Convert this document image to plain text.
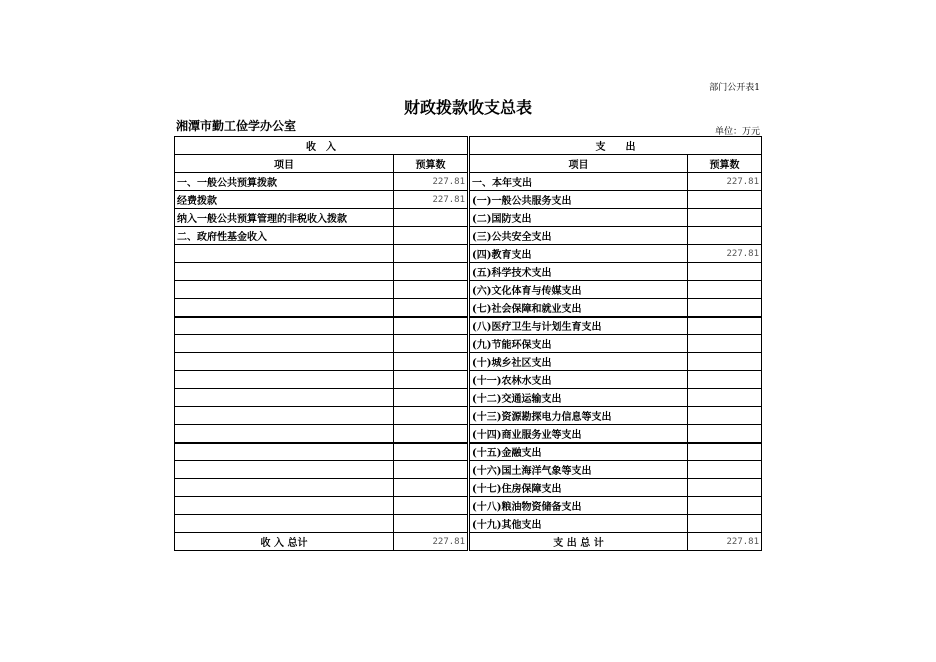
部门公开表1
财政拨款收支总表
湘潭市勤工俭学办公室	单位：万元
收　入			支　　出	
项目	预算数		项目	预算数
一、一般公共预算拨款	227.81		一、本年支出	227.81
经费拨款	227.81		(一)一般公共服务支出	
纳入一般公共预算管理的非税收入拨款			(二)国防支出	
二、政府性基金收入			(三)公共安全支出	
			(四)教育支出	227.81
			(五)科学技术支出	
			(六)文化体育与传媒支出	
			(七)社会保障和就业支出	
			(八)医疗卫生与计划生育支出	
			(九)节能环保支出	
			(十)城乡社区支出	
			(十一)农林水支出	
			(十二)交通运输支出	
			(十三)资源勘探电力信息等支出	
			(十四)商业服务业等支出	
			(十五)金融支出	
			(十六)国土海洋气象等支出	
			(十七)住房保障支出	
			(十八)粮油物资储备支出	
			(十九)其他支出	
收 入 总计	227.81		支 出 总 计	227.81
